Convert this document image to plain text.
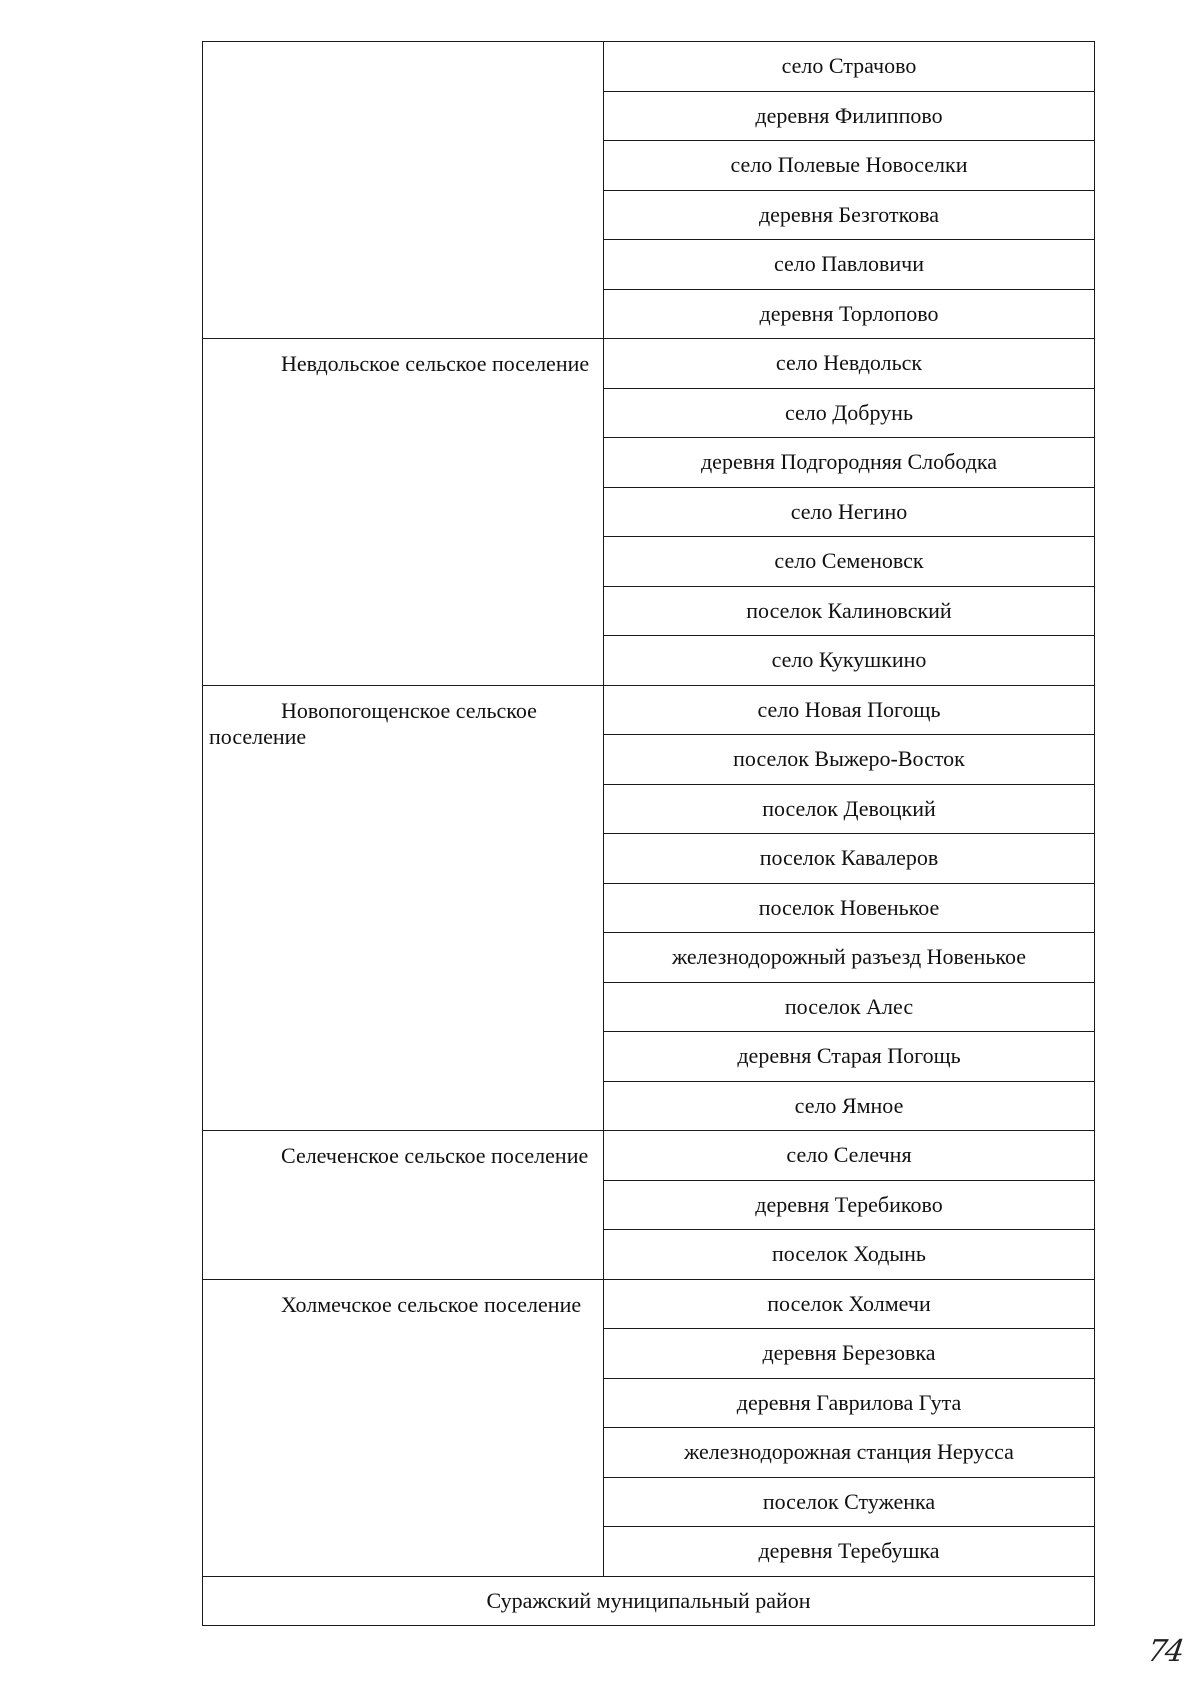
	село Страчово
	деревня Филиппово
	село Полевые Новоселки
	деревня Безготкова
	село Павловичи
	деревня Торлопово

Невдольское сельское поселение	село Невдольск
	село Добрунь
	деревня Подгородняя Слободка
	село Негино
	село Семеновск
	поселок Калиновский
	село Кукушкино

Новопогощенское сельское поселение	село Новая Погощь
	поселок Выжеро-Восток
	поселок Девоцкий
	поселок Кавалеров
	поселок Новенькое
	железнодорожный разъезд Новенькое
	поселок Алес
	деревня Старая Погощь
	село Ямное

Селеченское сельское поселение	село Селечня
	деревня Теребиково
	поселок Ходынь

Холмечское сельское поселение	поселок Холмечи
	деревня Березовка
	деревня Гаврилова Гута
	железнодорожная станция Нерусса
	поселок Стуженка
	деревня Теребушка
Суражский муниципальный район	
74
